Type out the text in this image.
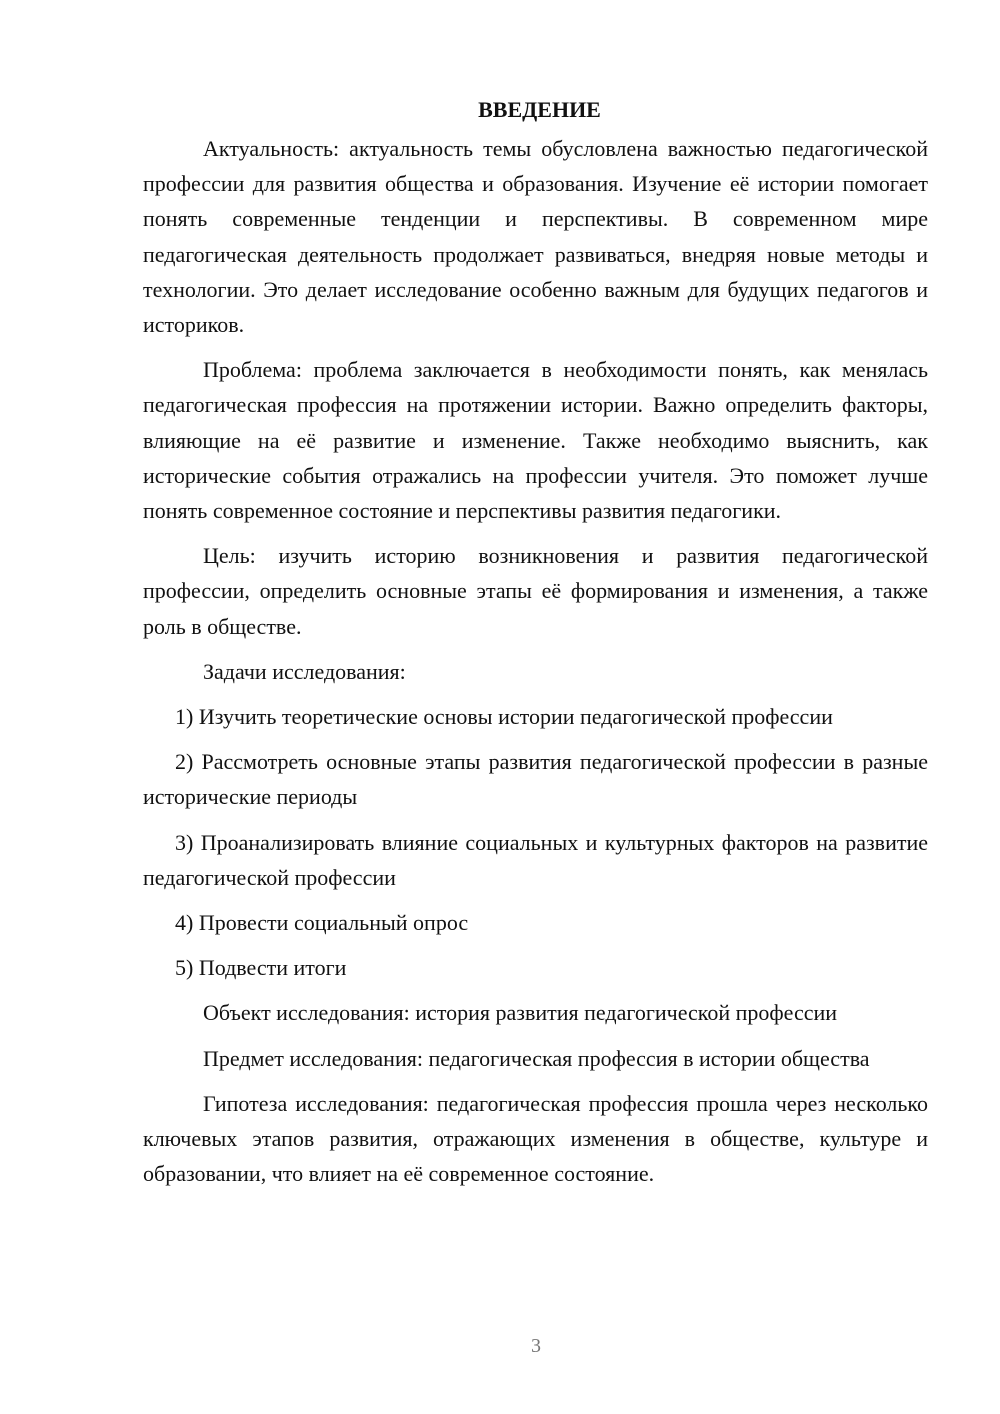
ВВЕДЕНИЕ

Актуальность: актуальность темы обусловлена важностью педагогической профессии для развития общества и образования. Изучение её истории помогает понять современные тенденции и перспективы. В современном мире педагогическая деятельность продолжает развиваться, внедряя новые методы и технологии. Это делает исследование особенно важным для будущих педагогов и историков.

Проблема: проблема заключается в необходимости понять, как менялась педагогическая профессия на протяжении истории. Важно определить факторы, влияющие на её развитие и изменение. Также необходимо выяснить, как исторические события отражались на профессии учителя. Это поможет лучше понять современное состояние и перспективы развития педагогики.

Цель: изучить историю возникновения и развития педагогической профессии, определить основные этапы её формирования и изменения, а также роль в обществе.

Задачи исследования:

1) Изучить теоретические основы истории педагогической профессии
2) Рассмотреть основные этапы развития педагогической профессии в разные исторические периоды
3) Проанализировать влияние социальных и культурных факторов на развитие педагогической профессии
4) Провести социальный опрос
5) Подвести итоги

Объект исследования: история развития педагогической профессии

Предмет исследования: педагогическая профессия в истории общества

Гипотеза исследования: педагогическая профессия прошла через несколько ключевых этапов развития, отражающих изменения в обществе, культуре и образовании, что влияет на её современное состояние.

3
